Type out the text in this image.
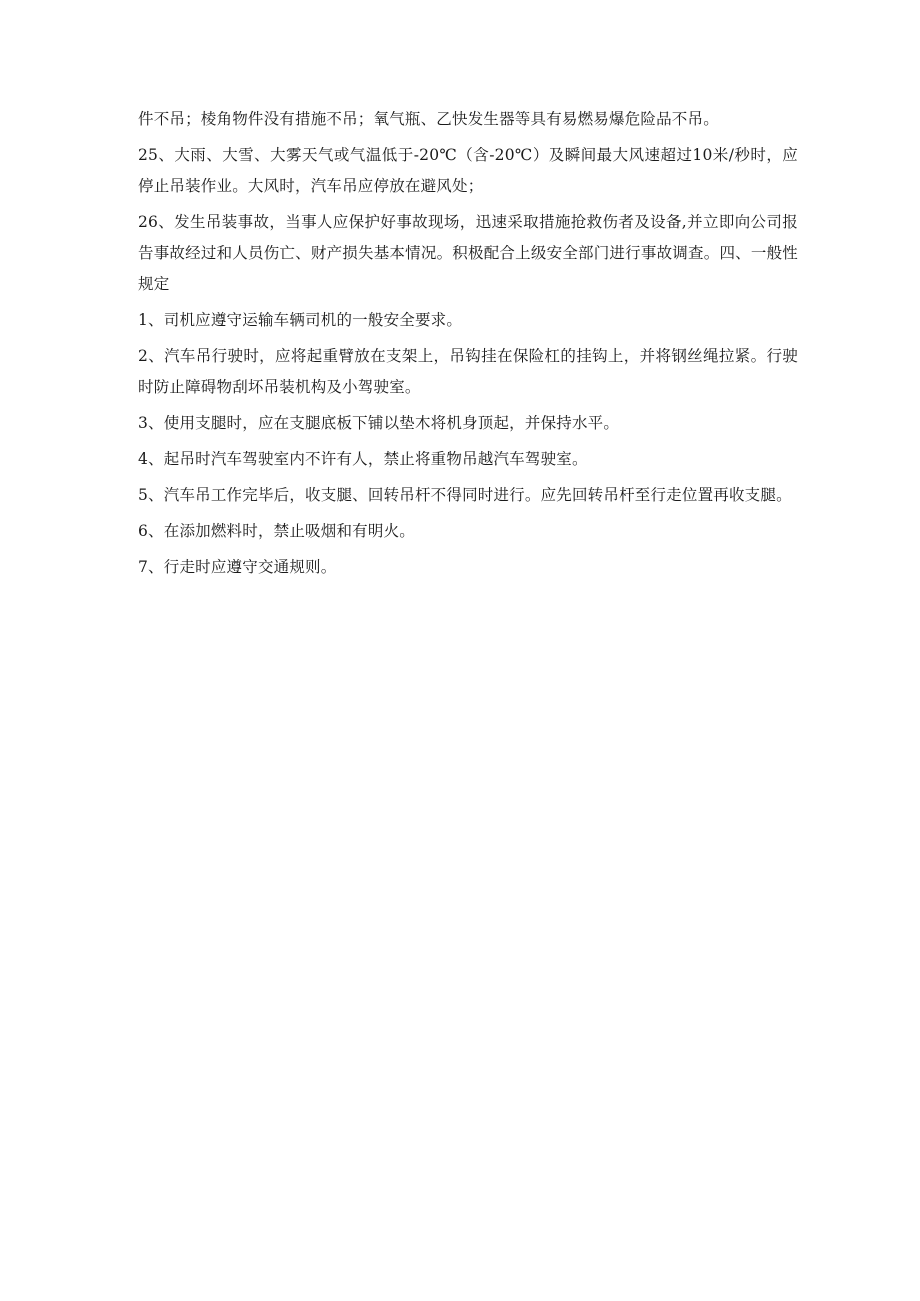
件不吊；棱角物件没有措施不吊；氧气瓶、乙快发生器等具有易燃易爆危险品不吊。

25、大雨、大雪、大雾天气或气温低于-20℃（含-20℃）及瞬间最大风速超过10米/秒时，应停止吊装作业。大风时，汽车吊应停放在避风处；

26、发生吊装事故，当事人应保护好事故现场，迅速采取措施抢救伤者及设备,并立即向公司报告事故经过和人员伤亡、财产损失基本情况。积极配合上级安全部门进行事故调查。四、一般性规定

1、司机应遵守运输车辆司机的一般安全要求。

2、汽车吊行驶时，应将起重臂放在支架上，吊钩挂在保险杠的挂钩上，并将钢丝绳拉紧。行驶时防止障碍物刮坏吊装机构及小驾驶室。

3、使用支腿时，应在支腿底板下铺以垫木将机身顶起，并保持水平。

4、起吊时汽车驾驶室内不许有人，禁止将重物吊越汽车驾驶室。

5、汽车吊工作完毕后，收支腿、回转吊杆不得同时进行。应先回转吊杆至行走位置再收支腿。

6、在添加燃料时，禁止吸烟和有明火。

7、行走时应遵守交通规则。
